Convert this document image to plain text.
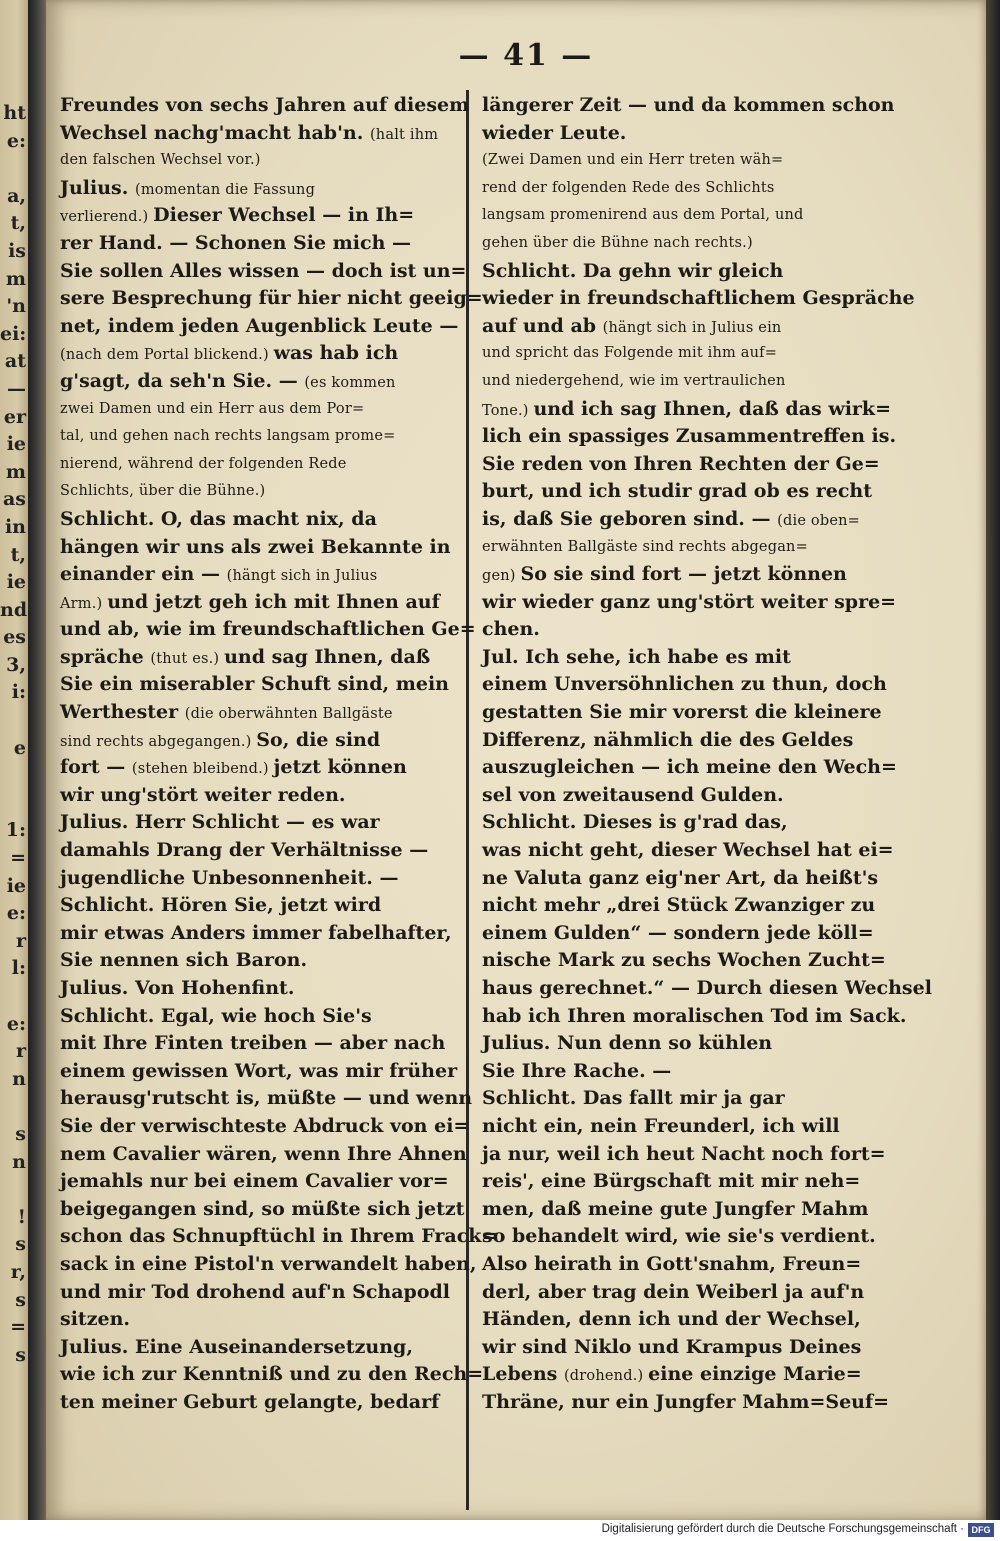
ht
e:
a,
t,
is
m
'n
ei:
at
—
er
ie
m
as
in
t,
ie
nd
es
3,
i:
e
1:
=
ie
e:
r
l:
e:
r
n
s
n
!
s
r,
s
=
s
— 41 —
Freundes von sechs Jahren auf diesem
Wechsel nachg'macht hab'n. (halt ihm
den falschen Wechsel vor.)
Julius. (momentan die Fassung
verlierend.) Dieser Wechsel — in Ih=
rer Hand. — Schonen Sie mich —
Sie sollen Alles wissen — doch ist un=
sere Besprechung für hier nicht geeig=
net, indem jeden Augenblick Leute —
(nach dem Portal blickend.) was hab ich
g'sagt, da seh'n Sie. — (es kommen
zwei Damen und ein Herr aus dem Por=
tal, und gehen nach rechts langsam prome=
nierend, während der folgenden Rede
Schlichts, über die Bühne.)
Schlicht. O, das macht nix, da
hängen wir uns als zwei Bekannte in
einander ein — (hängt sich in Julius
Arm.) und jetzt geh ich mit Ihnen auf
und ab, wie im freundschaftlichen Ge=
spräche (thut es.) und sag Ihnen, daß
Sie ein miserabler Schuft sind, mein
Werthester (die oberwähnten Ballgäste
sind rechts abgegangen.) So, die sind
fort — (stehen bleibend.) jetzt können
wir ung'stört weiter reden.
Julius. Herr Schlicht — es war
damahls Drang der Verhältnisse —
jugendliche Unbesonnenheit. —
Schlicht. Hören Sie, jetzt wird
mir etwas Anders immer fabelhafter,
Sie nennen sich Baron.
Julius. Von Hohenfint.
Schlicht. Egal, wie hoch Sie's
mit Ihre Finten treiben — aber nach
einem gewissen Wort, was mir früher
herausg'rutscht is, müßte — und wenn
Sie der verwischteste Abdruck von ei=
nem Cavalier wären, wenn Ihre Ahnen
jemahls nur bei einem Cavalier vor=
beigegangen sind, so müßte sich jetzt
schon das Schnupftüchl in Ihrem Frack=
sack in eine Pistol'n verwandelt haben,
und mir Tod drohend auf'n Schapodl
sitzen.
Julius. Eine Auseinandersetzung,
wie ich zur Kenntniß und zu den Rech=
ten meiner Geburt gelangte, bedarf
längerer Zeit — und da kommen schon
wieder Leute.
(Zwei Damen und ein Herr treten wäh=
rend der folgenden Rede des Schlichts
langsam promenirend aus dem Portal, und
gehen über die Bühne nach rechts.)
Schlicht. Da gehn wir gleich
wieder in freundschaftlichem Gespräche
auf und ab (hängt sich in Julius ein
und spricht das Folgende mit ihm auf=
und niedergehend, wie im vertraulichen
Tone.) und ich sag Ihnen, daß das wirk=
lich ein spassiges Zusammentreffen is.
Sie reden von Ihren Rechten der Ge=
burt, und ich studir grad ob es recht
is, daß Sie geboren sind. — (die oben=
erwähnten Ballgäste sind rechts abgegan=
gen) So sie sind fort — jetzt können
wir wieder ganz ung'stört weiter spre=
chen.
Jul. Ich sehe, ich habe es mit
einem Unversöhnlichen zu thun, doch
gestatten Sie mir vorerst die kleinere
Differenz, nähmlich die des Geldes
auszugleichen — ich meine den Wech=
sel von zweitausend Gulden.
Schlicht. Dieses is g'rad das,
was nicht geht, dieser Wechsel hat ei=
ne Valuta ganz eig'ner Art, da heißt's
nicht mehr „drei Stück Zwanziger zu
einem Gulden“ — sondern jede köll=
nische Mark zu sechs Wochen Zucht=
haus gerechnet.“ — Durch diesen Wechsel
hab ich Ihren moralischen Tod im Sack.
Julius. Nun denn so kühlen
Sie Ihre Rache. —
Schlicht. Das fallt mir ja gar
nicht ein, nein Freunderl, ich will
ja nur, weil ich heut Nacht noch fort=
reis', eine Bürgschaft mit mir neh=
men, daß meine gute Jungfer Mahm
so behandelt wird, wie sie's verdient.
Also heirath in Gott'snahm, Freun=
derl, aber trag dein Weiberl ja auf'n
Händen, denn ich und der Wechsel,
wir sind Niklo und Krampus Deines
Lebens (drohend.) eine einzige Marie=
Thräne, nur ein Jungfer Mahm=Seuf=
Digitalisierung gefördert durch die Deutsche Forschungsgemeinschaft · DFG
